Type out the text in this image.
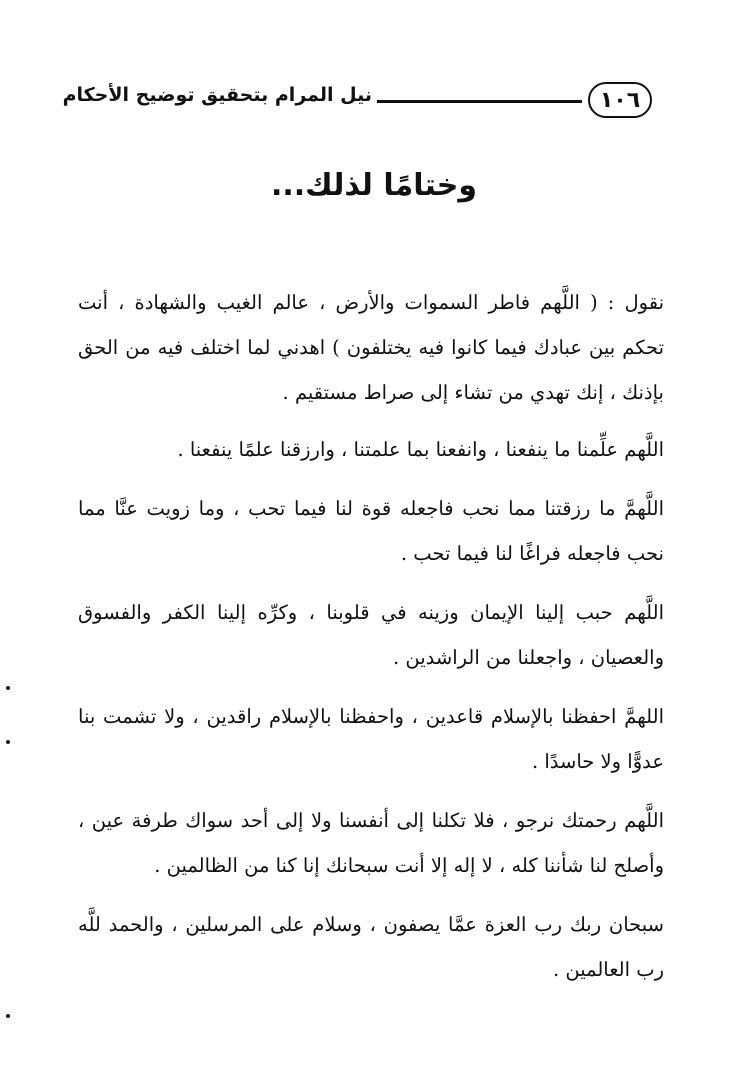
١٠٦
نيل المرام بتحقيق توضيح الأحكام
وختامًا لذلك...

نقول : ( اللَّهم فاطر السموات والأرض ، عالم الغيب والشهادة ، أنت تحكم بين عبادك فيما كانوا فيه يختلفون ) اهدني لما اختلف فيه من الحق بإذنك ، إنك تهدي من تشاء إلى صراط مستقيم .

اللَّهم علِّمنا ما ينفعنا ، وانفعنا بما علمتنا ، وارزقنا علمًا ينفعنا .

اللَّهمَّ ما رزقتنا مما نحب فاجعله قوة لنا فيما تحب ، وما زويت عنَّا مما نحب فاجعله فراغًا لنا فيما تحب .

اللَّهم حبب إلينا الإيمان وزينه في قلوبنا ، وكرِّه إلينا الكفر والفسوق والعصيان ، واجعلنا من الراشدين .

اللهمَّ احفظنا بالإسلام قاعدين ، واحفظنا بالإسلام راقدين ، ولا تشمت بنا عدوًّا ولا حاسدًا .

اللَّهم رحمتك نرجو ، فلا تكلنا إلى أنفسنا ولا إلى أحد سواك طرفة عين ، وأصلح لنا شأننا كله ، لا إله إلا أنت سبحانك إنا كنا من الظالمين .

سبحان ربك رب العزة عمَّا يصفون ، وسلام على المرسلين ، والحمد للَّه رب العالمين .
